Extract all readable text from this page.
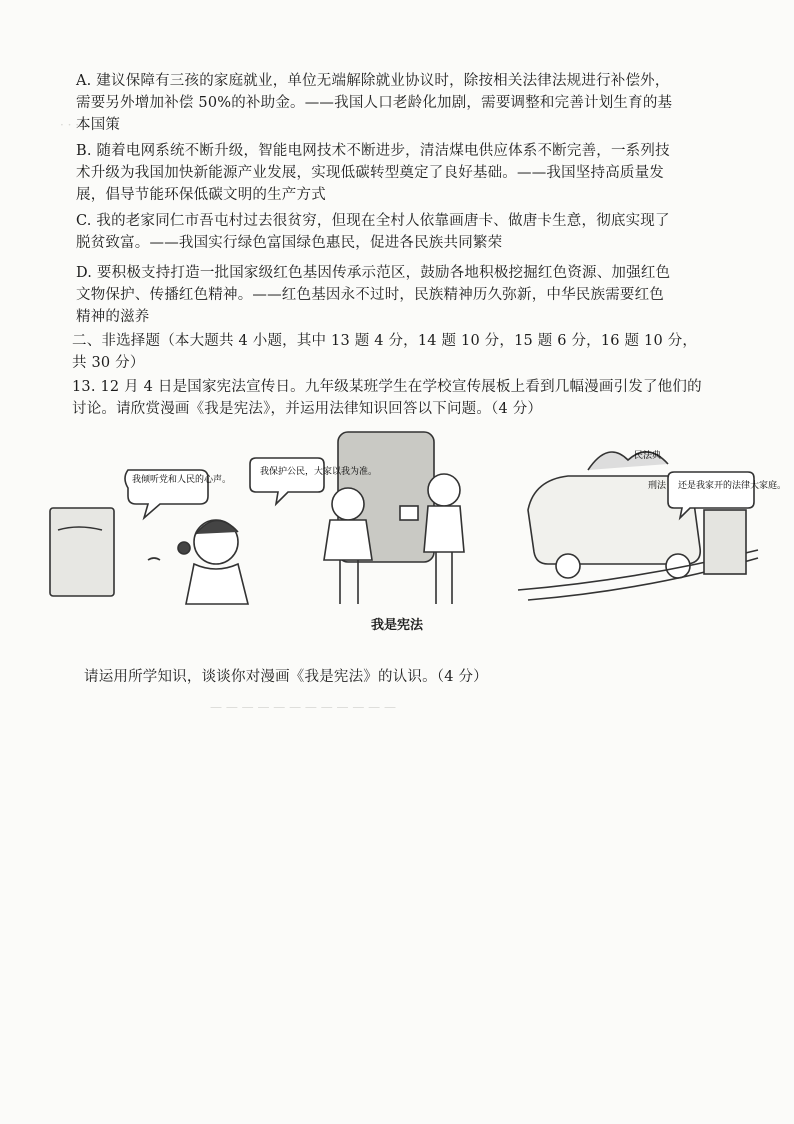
· · ·
A. 建议保障有三孩的家庭就业，单位无端解除就业协议时，除按相关法律法规进行补偿外，
需要另外增加补偿 50%的补助金。——我国人口老龄化加剧，需要调整和完善计划生育的基
本国策
B. 随着电网系统不断升级，智能电网技术不断进步，清洁煤电供应体系不断完善，一系列技
术升级为我国加快新能源产业发展，实现低碳转型奠定了良好基础。——我国坚持高质量发
展，倡导节能环保低碳文明的生产方式
C. 我的老家同仁市吾屯村过去很贫穷，但现在全村人依靠画唐卡、做唐卡生意，彻底实现了
脱贫致富。——我国实行绿色富国绿色惠民，促进各民族共同繁荣
D. 要积极支持打造一批国家级红色基因传承示范区，鼓励各地积极挖掘红色资源、加强红色
文物保护、传播红色精神。——红色基因永不过时，民族精神历久弥新，中华民族需要红色
精神的滋养
二、非选择题（本大题共 4 小题，其中 13 题 4 分，14 题 10 分，15 题 6 分，16 题 10 分，
共 30 分）
13. 12 月 4 日是国家宪法宣传日。九年级某班学生在学校宣传展板上看到几幅漫画引发了他们的
讨论。请欣赏漫画《我是宪法》，并运用法律知识回答以下问题。（4 分）
我倾听党和人民的心声。
我保护公民，大家以我为准。
还是我家开的法律大家庭。
民法典
刑法
我是宪法
请运用所学知识，谈谈你对漫画《我是宪法》的认识。（4 分）
— — — — — — — — — — — —
